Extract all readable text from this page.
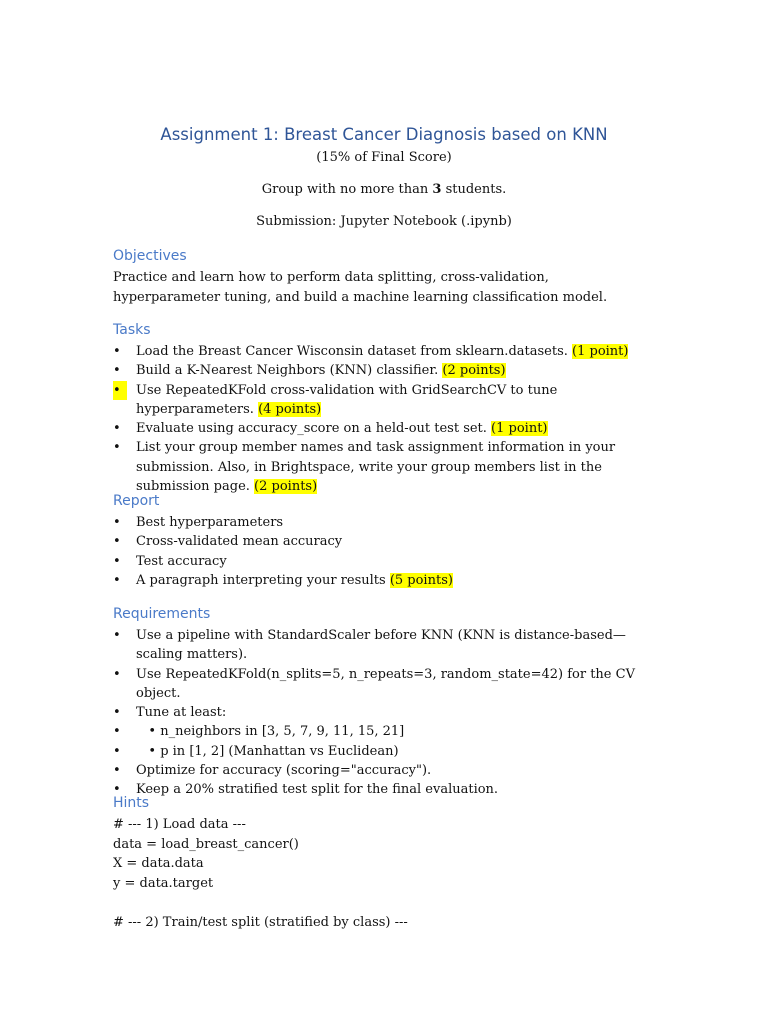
Assignment 1: Breast Cancer Diagnosis based on KNN
(15% of Final Score)
Group with no more than 3 students.
Submission: Jupyter Notebook (.ipynb)
Objectives
Practice and learn how to perform data splitting, cross-validation, hyperparameter tuning, and build a machine learning classification model.
Tasks
•	Load the Breast Cancer Wisconsin dataset from sklearn.datasets. (1 point)
•	Build a K-Nearest Neighbors (KNN) classifier. (2 points)
•	Use RepeatedKFold cross-validation with GridSearchCV to tune hyperparameters. (4 points)
•	Evaluate using accuracy_score on a held-out test set. (1 point)
•	List your group member names and task assignment information in your submission. Also, in Brightspace, write your group members list in the submission page. (2 points)
Report
•	Best hyperparameters
•	Cross-validated mean accuracy
•	Test accuracy
•	A paragraph interpreting your results (5 points)
Requirements
•	Use a pipeline with StandardScaler before KNN (KNN is distance-based—scaling matters).
•	Use RepeatedKFold(n_splits=5, n_repeats=3, random_state=42) for the CV object.
•	Tune at least:
•	• n_neighbors in [3, 5, 7, 9, 11, 15, 21]
•	• p in [1, 2] (Manhattan vs Euclidean)
•	Optimize for accuracy (scoring="accuracy").
•	Keep a 20% stratified test split for the final evaluation.
Hints
# --- 1) Load data ---
data = load_breast_cancer()
X = data.data
y = data.target
# --- 2) Train/test split (stratified by class) ---
